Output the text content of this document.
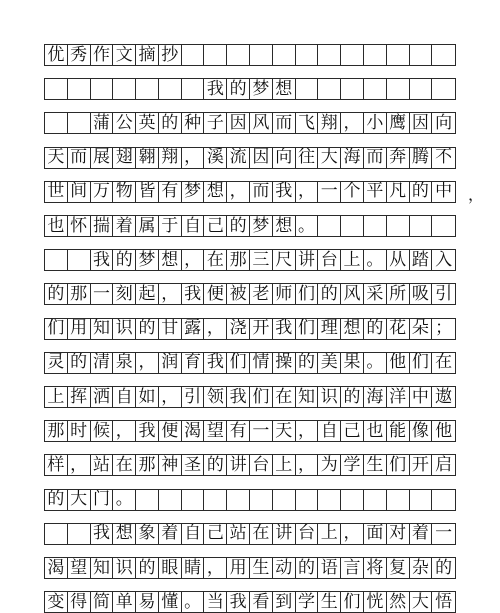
优 秀 作 文 摘 抄
我 的 梦 想
蒲 公 英 的 种 子 因 风 而 飞 翔 ， 小 鹰 因 向
天 而 展 翅 翱 翔 ， 溪 流 因 向 往 大 海 而 奔 腾 不
世 间 万 物 皆 有 梦 想 ， 而 我 ， 一 个 平 凡 的 中
也 怀 揣 着 属 于 自 己 的 梦 想 。
我 的 梦 想 ， 在 那 三 尺 讲 台 上 。 从 踏 入
的 那 一 刻 起 ， 我 便 被 老 师 们 的 风 采 所 吸 引
们 用 知 识 的 甘 露 ， 浇 开 我 们 理 想 的 花 朵 ；
灵 的 清 泉 ， 润 育 我 们 情 操 的 美 果 。 他 们 在
上 挥 洒 自 如 ， 引 领 我 们 在 知 识 的 海 洋 中 遨
那 时 候 ， 我 便 渴 望 有 一 天 ， 自 己 也 能 像 他
样 ， 站 在 那 神 圣 的 讲 台 上 ， 为 学 生 们 开 启
的 大 门 。
我 想 象 着 自 己 站 在 讲 台 上 ， 面 对 着 一
渴 望 知 识 的 眼 睛 ， 用 生 动 的 语 言 将 复 杂 的
变 得 简 单 易 懂 。 当 我 看 到 学 生 们 恍 然 大 悟
，
